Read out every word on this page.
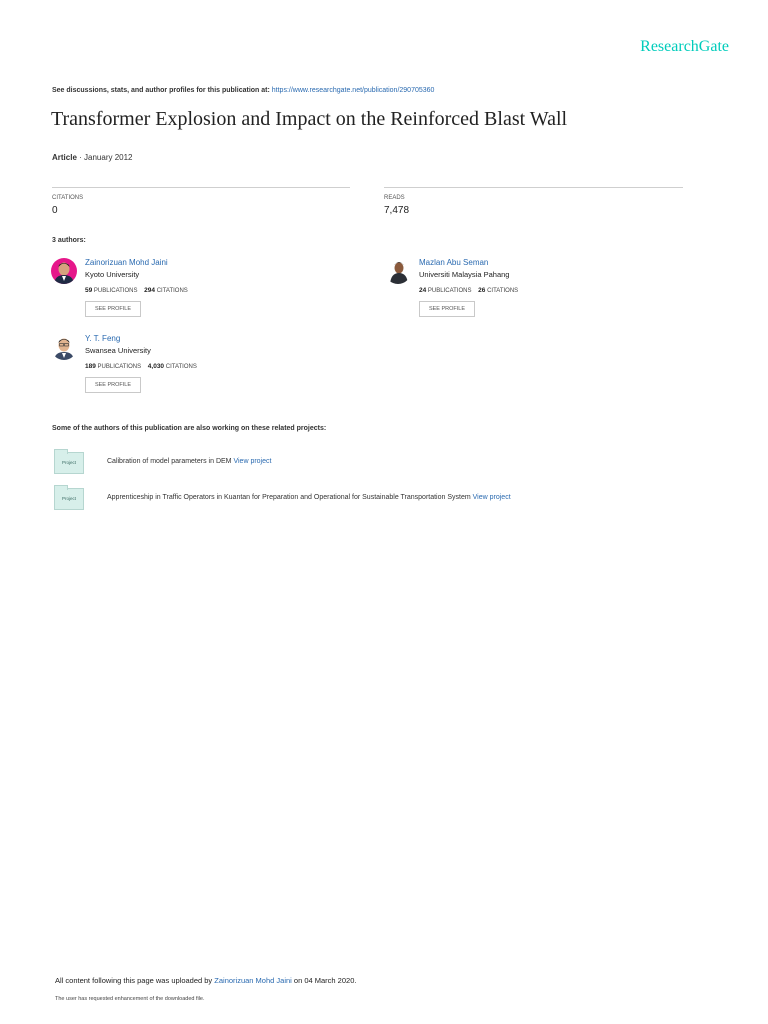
ResearchGate
See discussions, stats, and author profiles for this publication at: https://www.researchgate.net/publication/290705360
Transformer Explosion and Impact on the Reinforced Blast Wall
Article · January 2012
CITATIONS
0
READS
7,478
3 authors:
Zainorizuan Mohd Jaini
Kyoto University
59 PUBLICATIONS 294 CITATIONS
SEE PROFILE
Mazlan Abu Seman
Universiti Malaysia Pahang
24 PUBLICATIONS 26 CITATIONS
SEE PROFILE
Y. T. Feng
Swansea University
189 PUBLICATIONS 4,030 CITATIONS
SEE PROFILE
Some of the authors of this publication are also working on these related projects:
Project	Calibration of model parameters in DEM View project
Project	Apprenticeship in Traffic Operators in Kuantan for Preparation and Operational for Sustainable Transportation System View project
All content following this page was uploaded by Zainorizuan Mohd Jaini on 04 March 2020.
The user has requested enhancement of the downloaded file.
